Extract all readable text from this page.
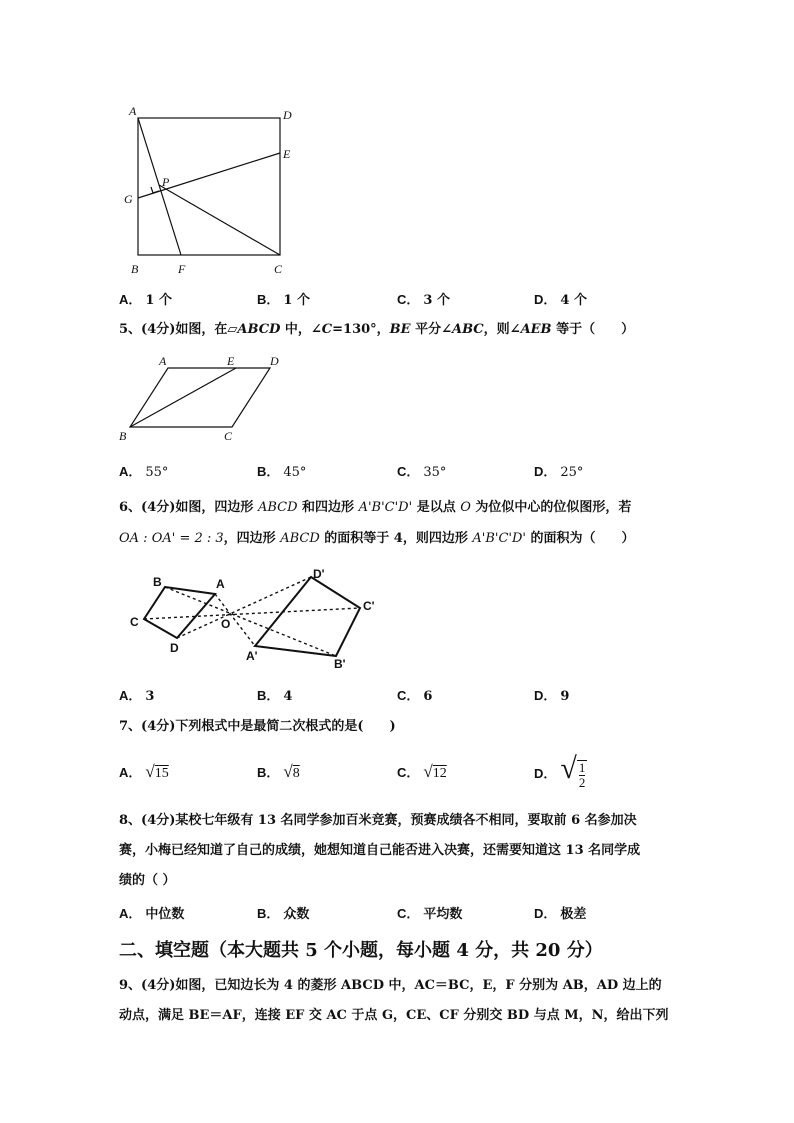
A	D
E
P
G
B	F	C
A． 1 个	B． 1 个	C． 3 个	D． 4 个
5、(4分)如图，在▱ABCD 中，∠C=130°，BE 平分∠ABC，则∠AEB 等于（　　）
A	E	D
B	C
A． 55°	B． 45°	C． 35°	D． 25°
6、(4分)如图，四边形 ABCD 和四边形 A'B'C'D' 是以点 O 为位似中心的位似图形，若
OA : OA' = 2 : 3，四边形 ABCD 的面积等于 4，则四边形 A'B'C'D' 的面积为（　　）
B	A
C
D
O
D'
C'
A'
B'
A． 3	B． 4	C． 6	D． 9
7、(4分)下列根式中是最简二次根式的是(　　)
A． √15	B． √8	C． √12	D． √ $\frac{1}{2}$
8、(4分)某校七年级有 13 名同学参加百米竞赛，预赛成绩各不相同，要取前 6 名参加决
赛，小梅已经知道了自己的成绩，她想知道自己能否进入决赛，还需要知道这 13 名同学成
绩的（ ）
A． 中位数	B． 众数	C． 平均数	D． 极差
二、填空题（本大题共 5 个小题，每小题 4 分，共 20 分）
9、(4分)如图，已知边长为 4 的菱形 ABCD 中，AC＝BC，E，F 分别为 AB，AD 边上的
动点，满足 BE＝AF，连接 EF 交 AC 于点 G，CE、CF 分别交 BD 与点 M，N，给出下列
